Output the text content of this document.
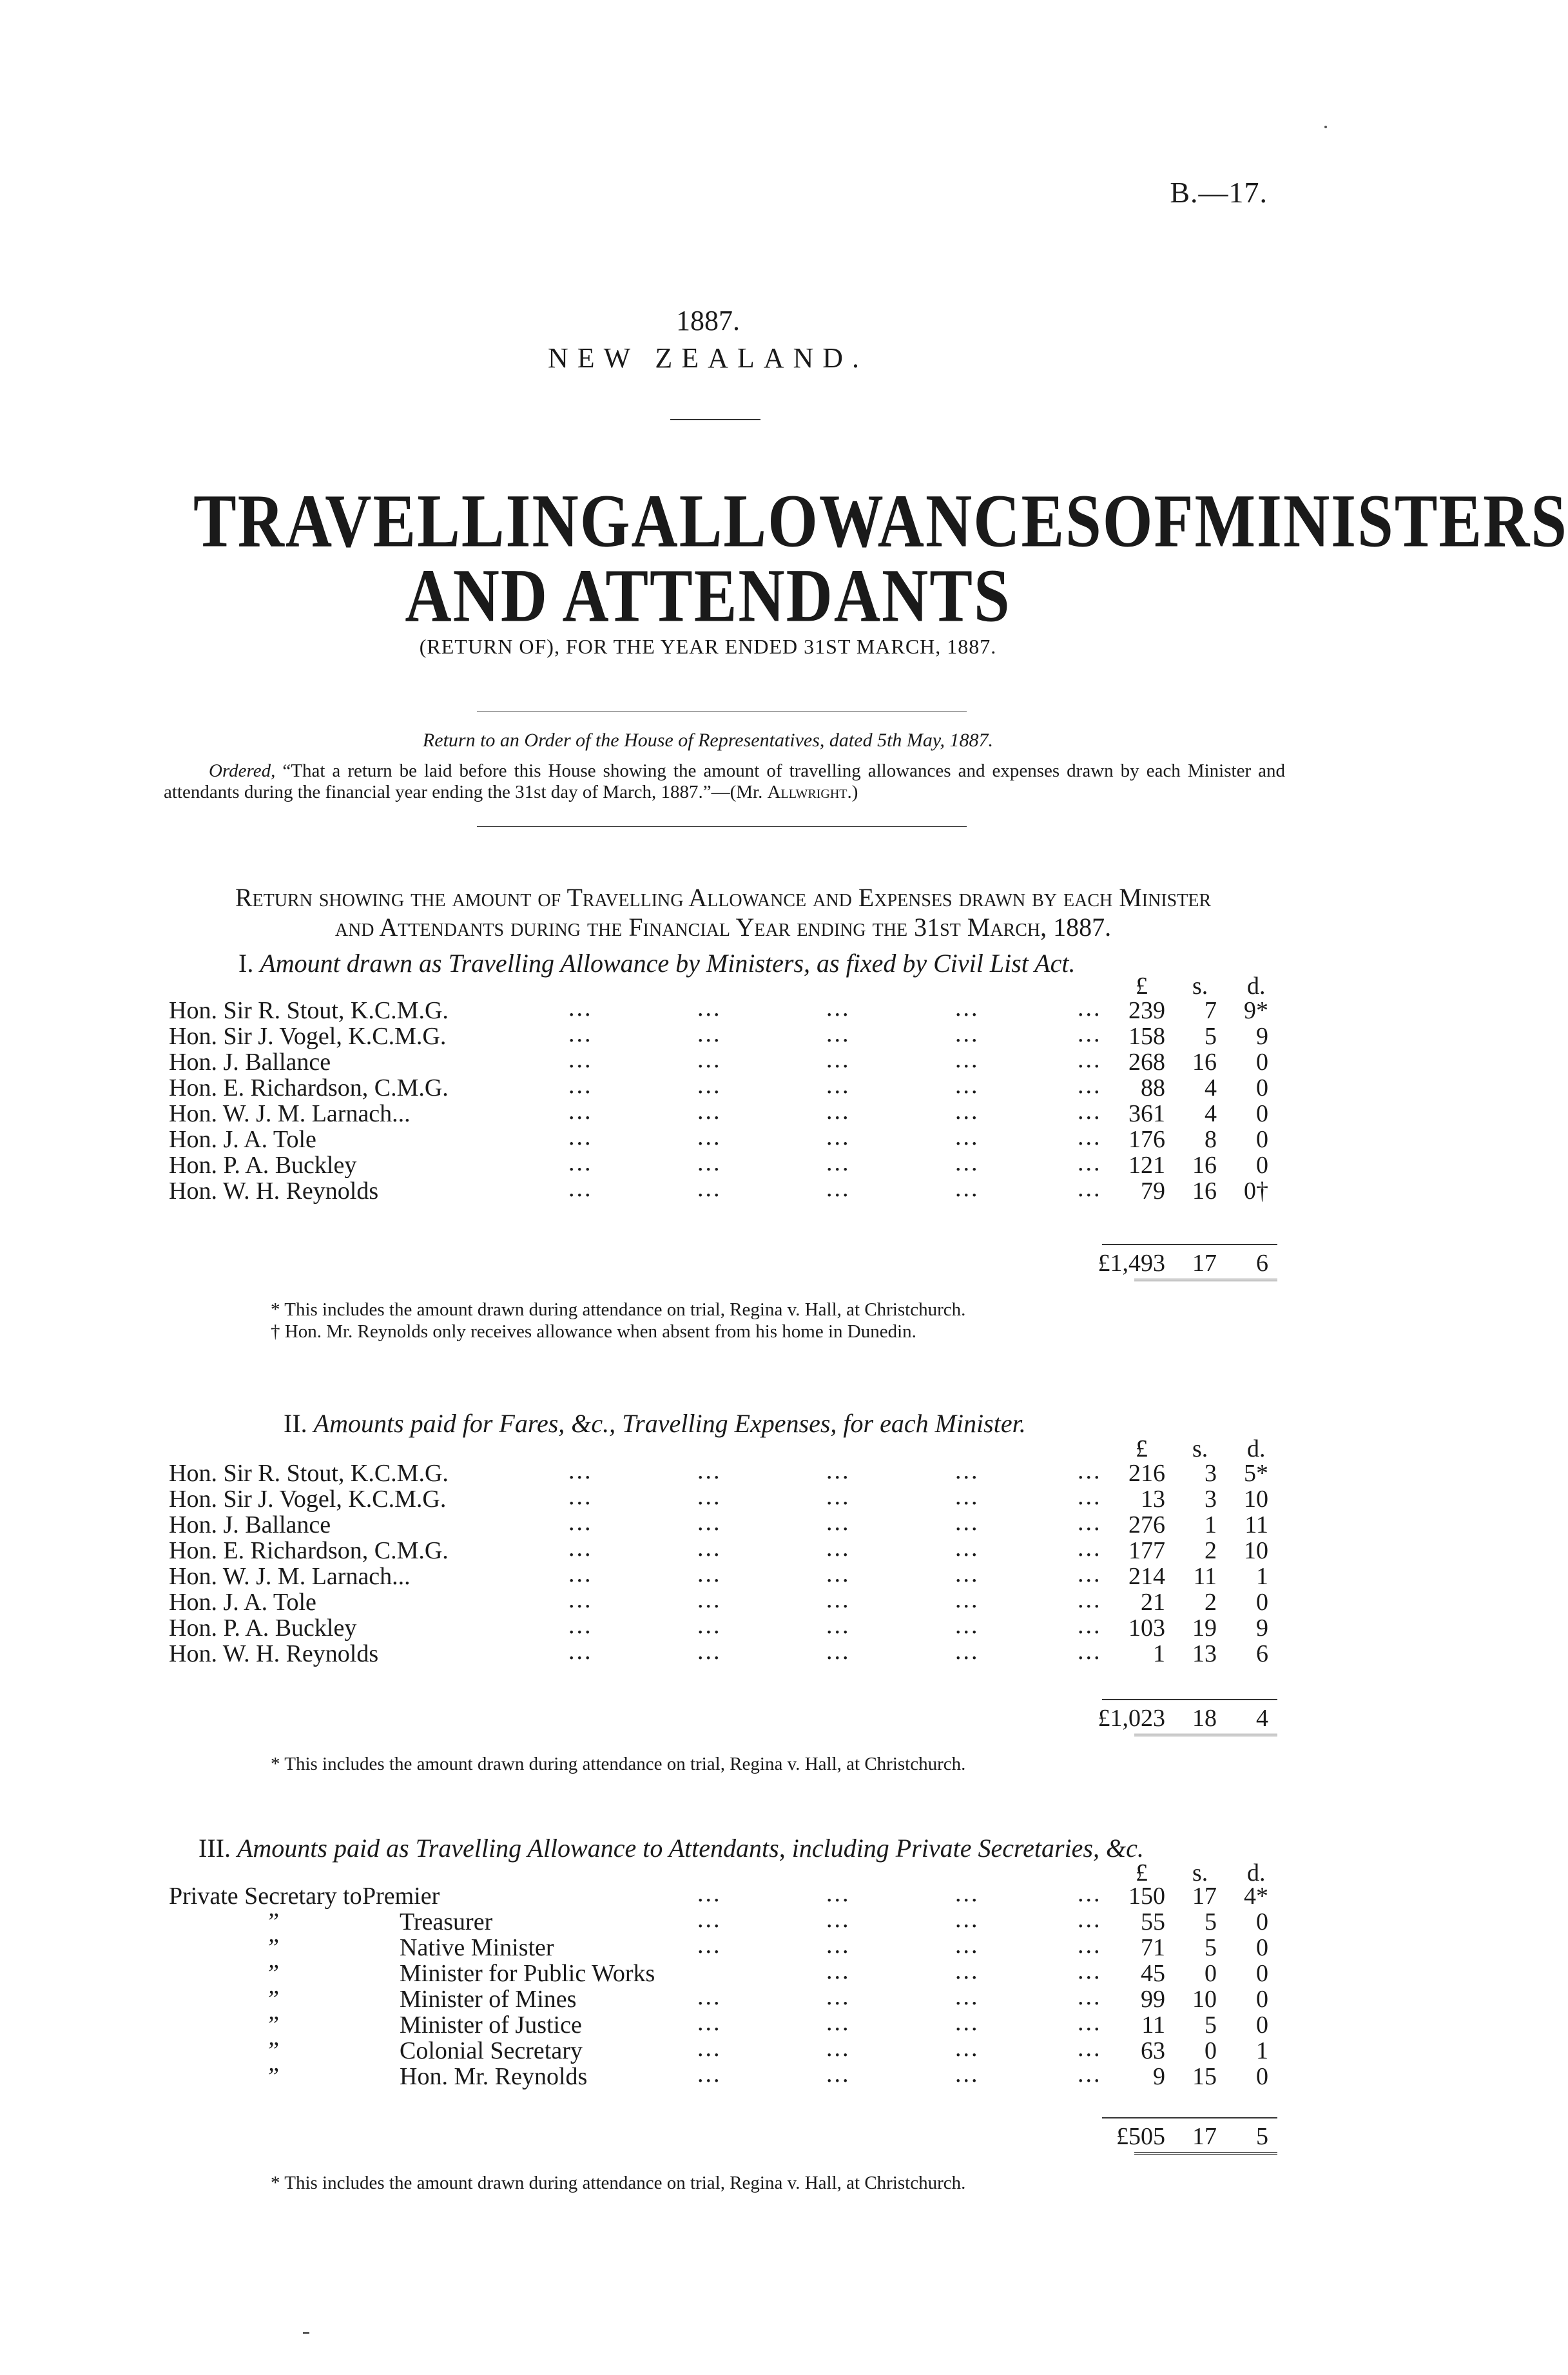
B.—17.
1887.
NEW ZEALAND.
TRAVELLING ALLOWANCES OF MINISTERS
AND ATTENDANTS
(RETURN OF), FOR THE YEAR ENDED 31ST MARCH, 1887.
Return to an Order of the House of Representatives, dated 5th May, 1887.
Ordered, “That a return be laid before this House showing the amount of travelling allowances and expenses drawn by each Minister and attendants during the financial year ending the 31st day of March, 1887.”—(Mr. Allwright.)
Return showing the amount of Travelling Allowance and Expenses drawn by each Minister
and Attendants during the Financial Year ending the 31st March, 1887.
I. Amount drawn as Travelling Allowance by Ministers, as fixed by Civil List Act.
£ s. d.
Hon. Sir R. Stout, K.C.M.G.	...	...	...	...	... 239 7 9*
Hon. Sir J. Vogel, K.C.M.G.	...	...	...	...	... 158 5 9
Hon. J. Ballance	...	...	...	...	... 268 16 0
Hon. E. Richardson, C.M.G.	...	...	...	...	... 88 4 0
Hon. W. J. M. Larnach...	...	...	...	...	... 361 4 0
Hon. J. A. Tole	...	...	...	...	... 176 8 0
Hon. P. A. Buckley	...	...	...	...	... 121 16 0
Hon. W. H. Reynolds	...	...	...	...	... 79 16 0†
£1,493 17 6
* This includes the amount drawn during attendance on trial, Regina v. Hall, at Christchurch.
† Hon. Mr. Reynolds only receives allowance when absent from his home in Dunedin.
II. Amounts paid for Fares, &c., Travelling Expenses, for each Minister.
£ s. d.
Hon. Sir R. Stout, K.C.M.G.	...	...	...	...	... 216 3 5*
Hon. Sir J. Vogel, K.C.M.G.	...	...	...	...	... 13 3 10
Hon. J. Ballance	...	...	...	...	... 276 1 11
Hon. E. Richardson, C.M.G.	...	...	...	...	... 177 2 10
Hon. W. J. M. Larnach...	...	...	...	...	... 214 11 1
Hon. J. A. Tole	...	...	...	...	... 21 2 0
Hon. P. A. Buckley	...	...	...	...	... 103 19 9
Hon. W. H. Reynolds	...	...	...	...	... 1 13 6
£1,023 18 4
* This includes the amount drawn during attendance on trial, Regina v. Hall, at Christchurch.
III. Amounts paid as Travelling Allowance to Attendants, including Private Secretaries, &c.
£ s. d.
Private Secretary to Premier	...	...	...	... 150 17 4*
”	Treasurer	...	...	...	... 55 5 0
”	Native Minister	...	...	...	... 71 5 0
”	Minister for Public Works	...	...	... 45 0 0
”	Minister of Mines	...	...	...	... 99 10 0
”	Minister of Justice	...	...	...	... 11 5 0
”	Colonial Secretary	...	...	...	... 63 0 1
”	Hon. Mr. Reynolds	...	...	...	... 9 15 0
£505 17 5
* This includes the amount drawn during attendance on trial, Regina v. Hall, at Christchurch.
